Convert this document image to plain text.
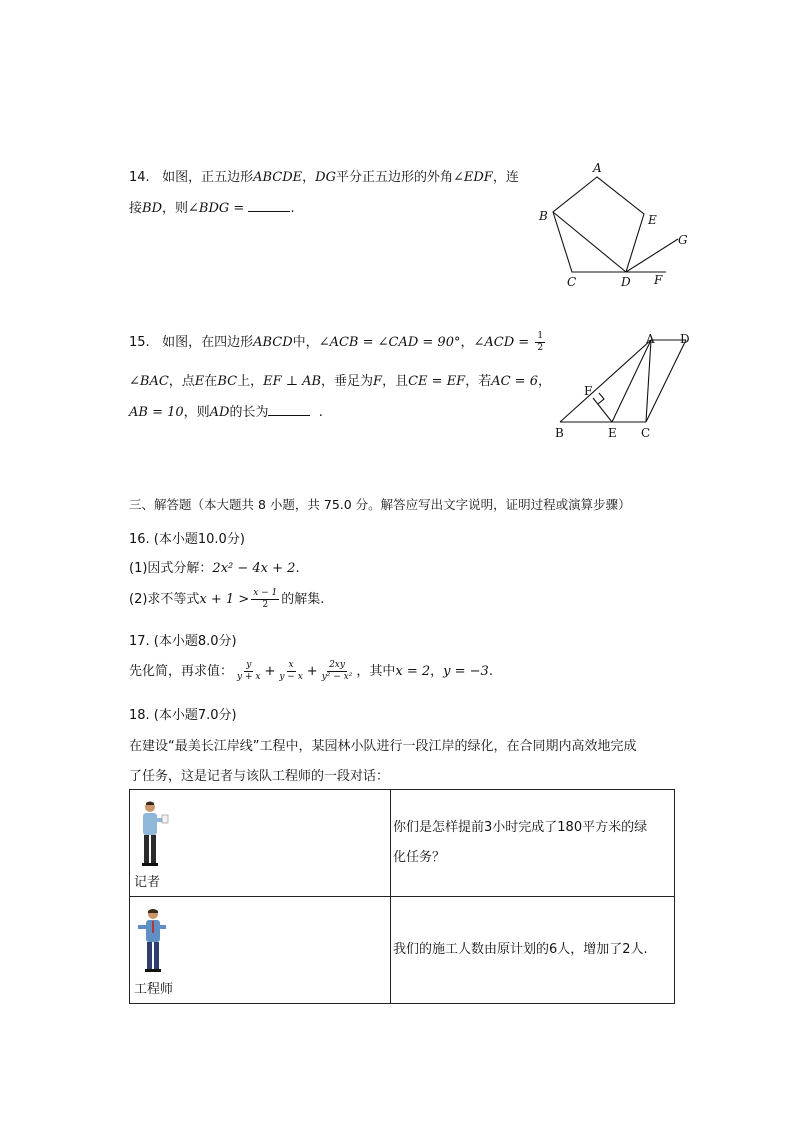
14. 如图，正五边形ABCDE，DG平分正五边形的外角∠EDF，连
接BD，则∠BDG =	.
A
B
C	D
E
F
G
15. 如图，在四边形ABCD中，∠ACB = ∠CAD = 90°，∠ACD = $\frac{1}{2}$
∠BAC，点E在BC上，EF ⊥ AB，垂足为F，且CE = EF，若AC = 6，
AB = 10，则AD的长为	.
A D
F
B	E C
三、解答题（本大题共 8 小题，共 75.0 分。解答应写出文字说明，证明过程或演算步骤）
16. (本小题10.0分)
(1)因式分解：2x² − 4x + 2.
(2)求不等式$x + 1 > \frac{x - 1}{2}$ 的解集.
17. (本小题8.0分)
先化简，再求值： $\frac{y}{y + x} + \frac{x}{y - x} + \frac{2xy}{\text{y² − x²}}$ ，其中x = 2，y = −3.
18. (本小题7.0分)
在建设“最美长江岸线”工程中，某园林小队进行一段江岸的绿化，在合同期内高效地完成
了任务，这是记者与该队工程师的一段对话：
记者	你们是怎样提前3小时完成了180平方米的绿
化任务？

工程师	我们的施工人数由原计划的6人，增加了2人.
